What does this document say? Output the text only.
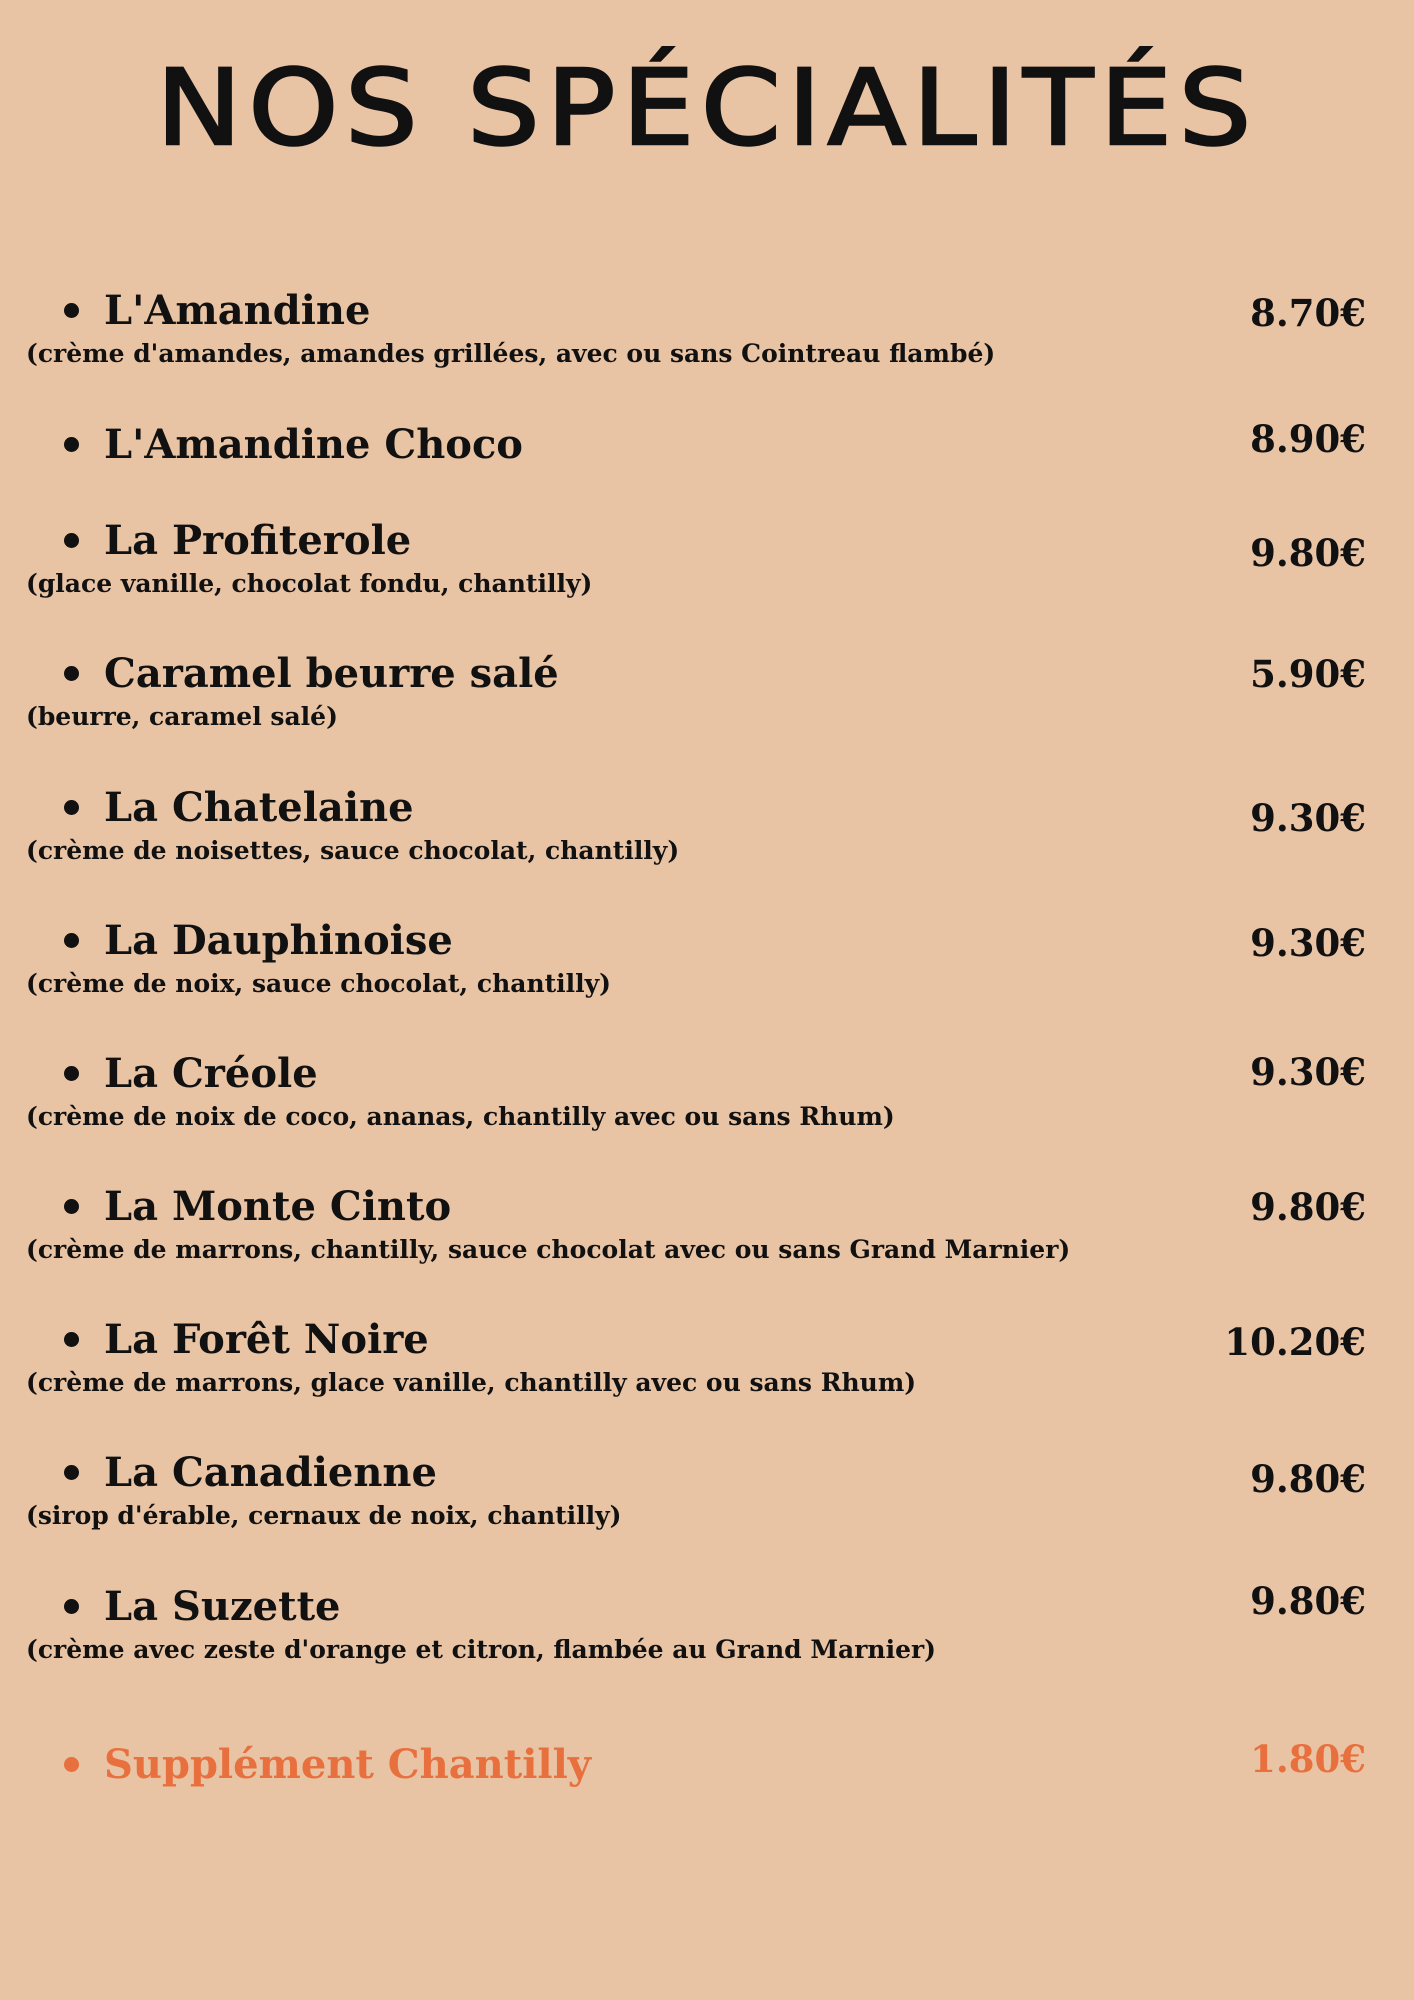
NOS SPÉCIALITÉS
L'Amandine	8.70€
(crème d'amandes, amandes grillées, avec ou sans Cointreau flambé)
L'Amandine Choco	8.90€
La Profiterole	9.80€
(glace vanille, chocolat fondu, chantilly)
Caramel beurre salé	5.90€
(beurre, caramel salé)
La Chatelaine	9.30€
(crème de noisettes, sauce chocolat, chantilly)
La Dauphinoise	9.30€
(crème de noix, sauce chocolat, chantilly)
La Créole	9.30€
(crème de noix de coco, ananas, chantilly avec ou sans Rhum)
La Monte Cinto	9.80€
(crème de marrons, chantilly, sauce chocolat avec ou sans Grand Marnier)
La Forêt Noire	10.20€
(crème de marrons, glace vanille, chantilly avec ou sans Rhum)
La Canadienne	9.80€
(sirop d'érable, cernaux de noix, chantilly)
La Suzette	9.80€
(crème avec zeste d'orange et citron, flambée au Grand Marnier)
Supplément Chantilly	1.80€
